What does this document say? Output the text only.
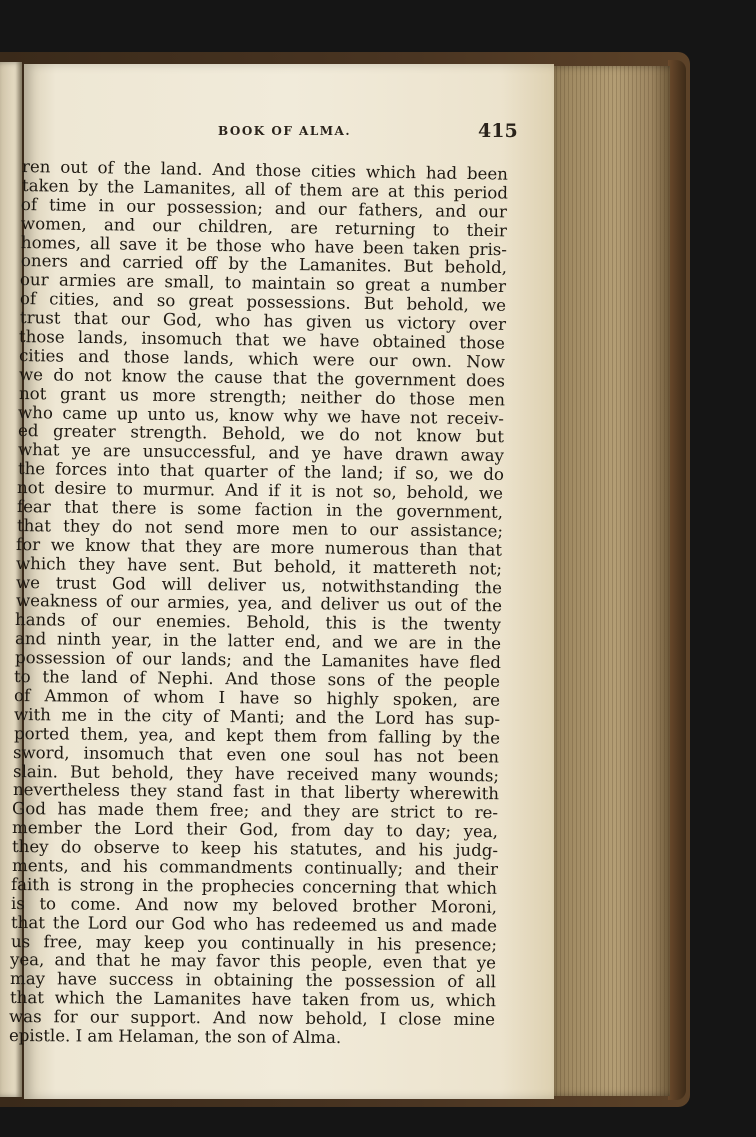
BOOK OF ALMA.	415
ren out of the land. And those cities which had been
taken by the Lamanites, all of them are at this period
of time in our possession; and our fathers, and our
women, and our children, are returning to their
homes, all save it be those who have been taken pris-
oners and carried off by the Lamanites. But behold,
our armies are small, to maintain so great a number
of cities, and so great possessions. But behold, we
trust that our God, who has given us victory over
those lands, insomuch that we have obtained those
cities and those lands, which were our own. Now
we do not know the cause that the government does
not grant us more strength; neither do those men
who came up unto us, know why we have not receiv-
ed greater strength. Behold, we do not know but
what ye are unsuccessful, and ye have drawn away
the forces into that quarter of the land; if so, we do
not desire to murmur. And if it is not so, behold, we
fear that there is some faction in the government,
that they do not send more men to our assistance;
for we know that they are more numerous than that
which they have sent. But behold, it mattereth not;
we trust God will deliver us, notwithstanding the
weakness of our armies, yea, and deliver us out of the
hands of our enemies. Behold, this is the twenty
and ninth year, in the latter end, and we are in the
possession of our lands; and the Lamanites have fled
to the land of Nephi. And those sons of the people
of Ammon of whom I have so highly spoken, are
with me in the city of Manti; and the Lord has sup-
ported them, yea, and kept them from falling by the
sword, insomuch that even one soul has not been
slain. But behold, they have received many wounds;
nevertheless they stand fast in that liberty wherewith
God has made them free; and they are strict to re-
member the Lord their God, from day to day; yea,
they do observe to keep his statutes, and his judg-
ments, and his commandments continually; and their
faith is strong in the prophecies concerning that which
is to come. And now my beloved brother Moroni,
that the Lord our God who has redeemed us and made
us free, may keep you continually in his presence;
yea, and that he may favor this people, even that ye
may have success in obtaining the possession of all
that which the Lamanites have taken from us, which
was for our support. And now behold, I close mine
epistle. I am Helaman, the son of Alma.
